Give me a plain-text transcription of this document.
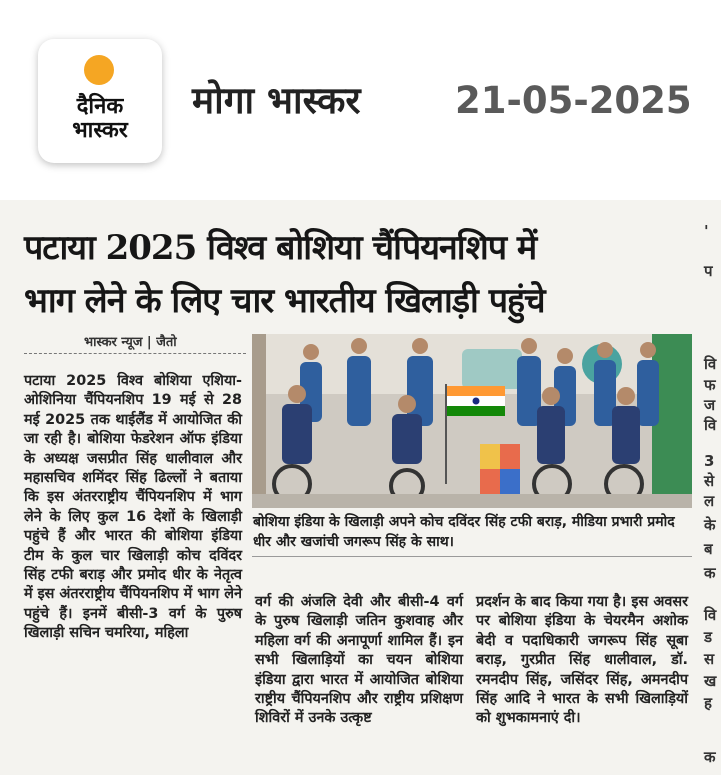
दैनिक
भास्कर
मोगा भास्कर	21-05-2025
पटाया 2025 विश्व बोशिया चैंपियनशिप में
भाग लेने के लिए चार भारतीय खिलाड़ी पहुंचे
भास्कर न्यूज | जैतो
पटाया 2025 विश्व बोशिया एशिया-ओशिनिया चैंपियनशिप 19 मई से 28 मई 2025 तक थाईलैंड में आयोजित की जा रही है। बोशिया फेडरेशन ऑफ इंडिया के अध्यक्ष जसप्रीत सिंह धालीवाल और महासचिव शमिंदर सिंह ढिल्लों ने बताया कि इस अंतरराष्ट्रीय चैंपियनशिप में भाग लेने के लिए कुल 16 देशों के खिलाड़ी पहुंचे हैं और भारत की बोशिया इंडिया टीम के कुल चार खिलाड़ी कोच दविंदर सिंह टफी बराड़ और प्रमोद धीर के नेतृत्व में इस अंतरराष्ट्रीय चैंपियनशिप में भाग लेने पहुंचे हैं। इनमें बीसी-3 वर्ग के पुरुष खिलाड़ी सचिन चमरिया, महिला
बोशिया इंडिया के खिलाड़ी अपने कोच दविंदर सिंह टफी बराड़, मीडिया प्रभारी प्रमोद धीर और खजांची जगरूप सिंह के साथ।
वर्ग की अंजलि देवी और बीसी-4 वर्ग के पुरुष खिलाड़ी जतिन कुशवाह और महिला वर्ग की अनापूर्णा शामिल हैं। इन सभी खिलाड़ियों का चयन बोशिया इंडिया द्वारा भारत में आयोजित बोशिया राष्ट्रीय चैंपियनशिप और राष्ट्रीय प्रशिक्षण शिविरों में उनके उत्कृष्ट
प्रदर्शन के बाद किया गया है। इस अवसर पर बोशिया इंडिया के चेयरमैन अशोक बेदी व पदाधिकारी जगरूप सिंह सूबा बराड़, गुरप्रीत सिंह धालीवाल, डॉ. रमनदीप सिंह, जसिंदर सिंह, अमनदीप सिंह आदि ने भारत के सभी खिलाड़ियों को शुभकामनाएं दी।
'
प
वि
फ
ज
वि
3
से
ल
के
ब
क
वि
ड
स
ख
ह
क
